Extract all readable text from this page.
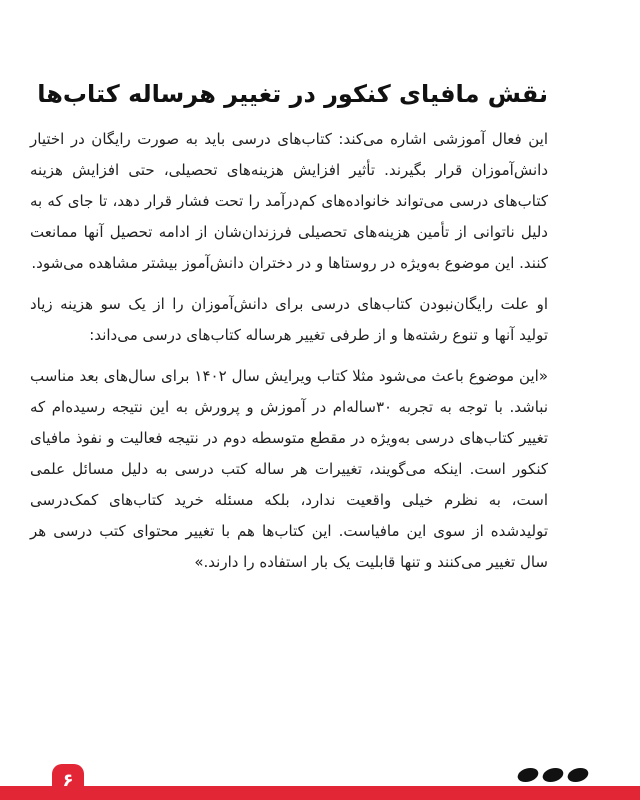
نقش مافیای کنکور در تغییر هرساله کتاب‌ها

این فعال آموزشی اشاره می‌کند: کتاب‌های درسی باید به صورت رایگان در اختیار دانش‌آموزان قرار بگیرند. تأثیر افزایش هزینه‌های تحصیلی، حتی افزایش هزینه کتاب‌های درسی می‌تواند خانواده‌های کم‌درآمد را تحت فشار قرار دهد، تا جای که به دلیل ناتوانی از تأمین هزینه‌های تحصیلی فرزندان‌شان از ادامه تحصیل آنها ممانعت کنند. این موضوع به‌ویژه در روستاها و در دختران دانش‌آموز بیشتر مشاهده می‌شود.

او علت رایگان‌نبودن کتاب‌های درسی برای دانش‌آموزان را از یک سو هزینه زیاد تولید آنها و تنوع رشته‌ها و از طرفی تغییر هرساله کتاب‌های درسی می‌داند:

«این موضوع باعث می‌شود مثلا کتاب ویرایش سال ۱۴۰۲ برای سال‌های بعد مناسب نباشد. با توجه به تجربه ۳۰ساله‌ام در آموزش و پرورش به این نتیجه رسیده‌ام که تغییر کتاب‌های درسی به‌ویژه در مقطع متوسطه دوم در نتیجه فعالیت و نفوذ مافیای کنکور است. اینکه می‌گویند، تغییرات هر ساله کتب درسی به دلیل مسائل علمی است، به نظرم خیلی واقعیت ندارد، بلکه مسئله خرید کتاب‌های کمک‌درسی تولیدشده از سوی این مافیاست. این کتاب‌ها هم با تغییر محتوای کتب درسی هر سال تغییر می‌کنند و تنها قابلیت یک بار استفاده را دارند.»

۶
